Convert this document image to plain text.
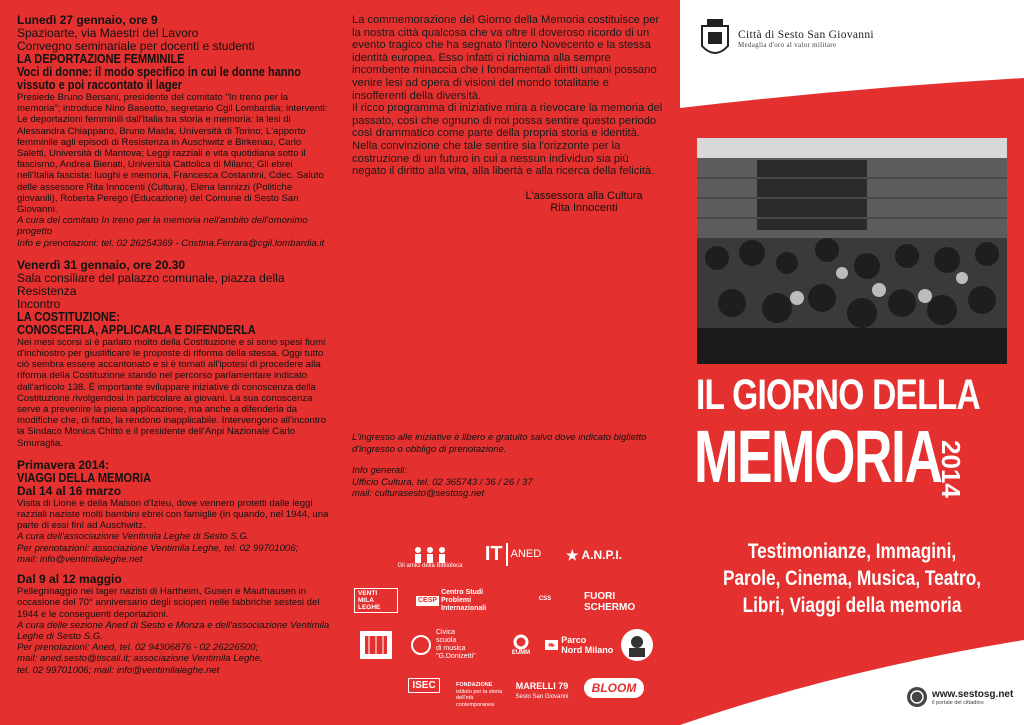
Lunedì 27 gennaio, ore 9

Spazioarte, via Maestri del Lavoro

Convegno seminariale per docenti e studenti

LA DEPORTAZIONE FEMMINILE

Voci di donne: il modo specifico in cui le donne hanno

vissuto e poi raccontato il lager

Presiede Bruno Bersani, presidente del comitato "In treno per la memoria"; introduce Nino Baseotto, segretario Cgil Lombardia; interventi: Le deportazioni femminili dall'Italia tra storia e memoria: la lesi di Alessandra Chiappano, Bruno Maida, Università di Torino; L'apporto femminile agli episodi di Resistenza in Auschwitz e Birkenau, Carlo Saletti, Università di Mantova; Leggi razziali e vita quotidiana sotto il fascismo, Andrea Bienati, Università Cattolica di Milano; Gli ebrei nell'Italia fascista: luoghi e memoria, Francesca Costantini, Cdec. Saluto delle assessore Rita Innocenti (Cultura), Elena Iannizzi (Politiche giovanili), Roberta Perego (Educazione) del Comune di Sesto San Giovanni.

A cura del comitato In treno per la memoria nell'ambito dell'omonimo progetto

Info e prenotazioni: tel. 02 26254369 - Cristina.Ferrara@cgil.lombardia.it

Venerdì 31 gennaio, ore 20.30

Sala consiliare del palazzo comunale, piazza della Resistenza

Incontro

LA COSTITUZIONE:

CONOSCERLA, APPLICARLA E DIFENDERLA

Nei mesi scorsi si è parlato molto della Costituzione e si sono spesi fiumi d'inchiostro per giustificare le proposte di riforma della stessa. Oggi tutto ciò sembra essere accantonato e si è tornati all'ipotesi di procedere alla riforma della Costituzione stando nel percorso parlamentare indicato dall'articolo 138. È importante sviluppare iniziative di conoscenza della Costituzione rivolgendosi in particolare ai giovani. La sua conoscenza serve a prevenire la piena applicazione, ma anche a difenderla da modifiche che, di fatto, la rendono inapplicabile. Intervengono all'incontro la Sindaco Monica Chittò e il presidente dell'Anpi Nazionale Carlo Smuraglia.

Primavera 2014:

VIAGGI DELLA MEMORIA

Dal 14 al 16 marzo

Visita di Lione e della Maison d'Izieu, dove vennero protetti dalle leggi razziali naziste molti bambini ebrei con famiglie (in quando, nel 1944, una parte di essi finì ad Auschwitz.

A cura dell'associazione Ventimila Leghe di Sesto S.G.

Per prenotazioni: associazione Ventimila Leghe, tel. 02 99701006;

mail: info@ventimilaleghe.net

Dal 9 al 12 maggio

Pellegrinaggio nei lager nazisti di Hartheim, Gusen e Mauthausen in occasione del 70° anniversario degli scioperi nelle fabbriche sestesi del 1944 e le conseguenti deportazioni.

A cura delle sezione Aned di Sesto e Monza e dell'associazione Ventimila Leghe di Sesto S.G.

Per prenotazioni: Aned, tel. 02 94306876 - 02 26226500;

mail: aned.sesto@tiscali.it; associazione Ventimila Leghe,

tel. 02 99701006; mail: info@ventimilaleghe.net

La commemorazione del Giorno della Memoria costituisce per la nostra città qualcosa che va oltre il doveroso ricordo di un evento tragico che ha segnato l'intero Novecento e la stessa identità europea. Esso infatti ci richiama alla sempre incombente minaccia che i fondamentali diritti umani possano venire lesi ad opera di visioni del mondo totalitarie e insofferenti della diversità.

Il ricco programma di iniziative mira a rievocare la memoria del passato, così che ognuno di noi possa sentire questo periodo così drammatico come parte della propria storia e identità. Nella convinzione che tale sentire sia l'orizzonte per la costruzione di un futuro in cui a nessun individuo sia più negato il diritto alla vita, alla libertà e alla ricerca della felicità.

L'assessora alla Cultura

Rita Innocenti

L'ingresso alle iniziative è libero e gratuito salvo dove indicato biglietto

d'ingresso o obbligo di prenotazione.

Info generali:

Ufficio Cultura, tel. 02 365743 / 36 / 26 / 37

mail: culturasesto@sestosg.net

Gli amici della Biblioteca
IT ANED ★ A.N.P.I.
VENTI MILA LEGHE
CESP
Centro Studi Problemi Internazionali
CSS	FUORI SCHERMO
Civica
scuola
di musica
"G.Donizetti"	EUMM
❧ Parco
Nord Milano
ISEC	FONDAZIONE
istituto per la storia dell'età contemporanea
MARELLI 79
Sesto San Giovanni
BLOOM
Città di Sesto San Giovanni
Medaglia d'oro al valor militare
IL GIORNO DELLA
MEMORIA
2014
Testimonianze, Immagini,
Parole, Cinema, Musica, Teatro,
Libri, Viaggi della memoria
www.sestosg.net
il portale del cittadino
